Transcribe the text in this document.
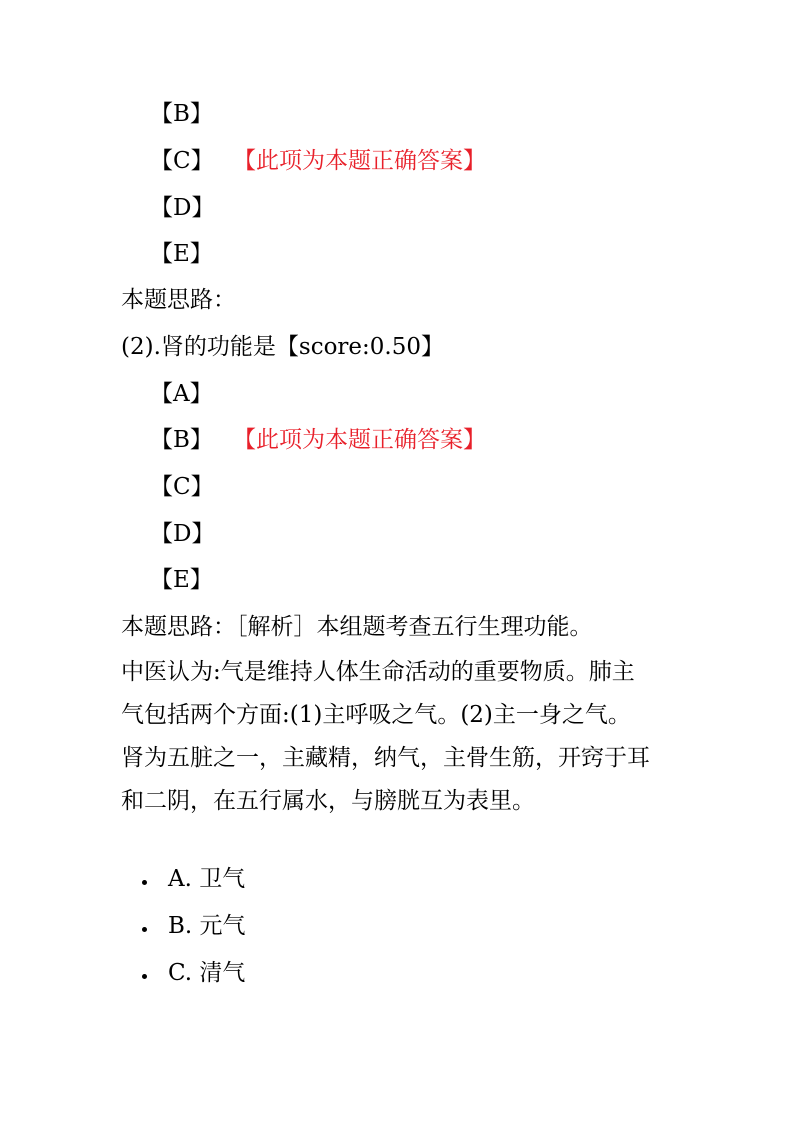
【B】
【C】 【此项为本题正确答案】
【D】
【E】
本题思路：
(2).肾的功能是【score:0.50】
【A】
【B】 【此项为本题正确答案】
【C】
【D】
【E】
本题思路：［解析］本组题考查五行生理功能。

中医认为:气是维持人体生命活动的重要物质。肺主

气包括两个方面:(1)主呼吸之气。(2)主一身之气。

肾为五脏之一，主藏精，纳气，主骨生筋，开窍于耳

和二阴，在五行属水，与膀胱互为表里。

A. 卫气
B. 元气
C. 清气
